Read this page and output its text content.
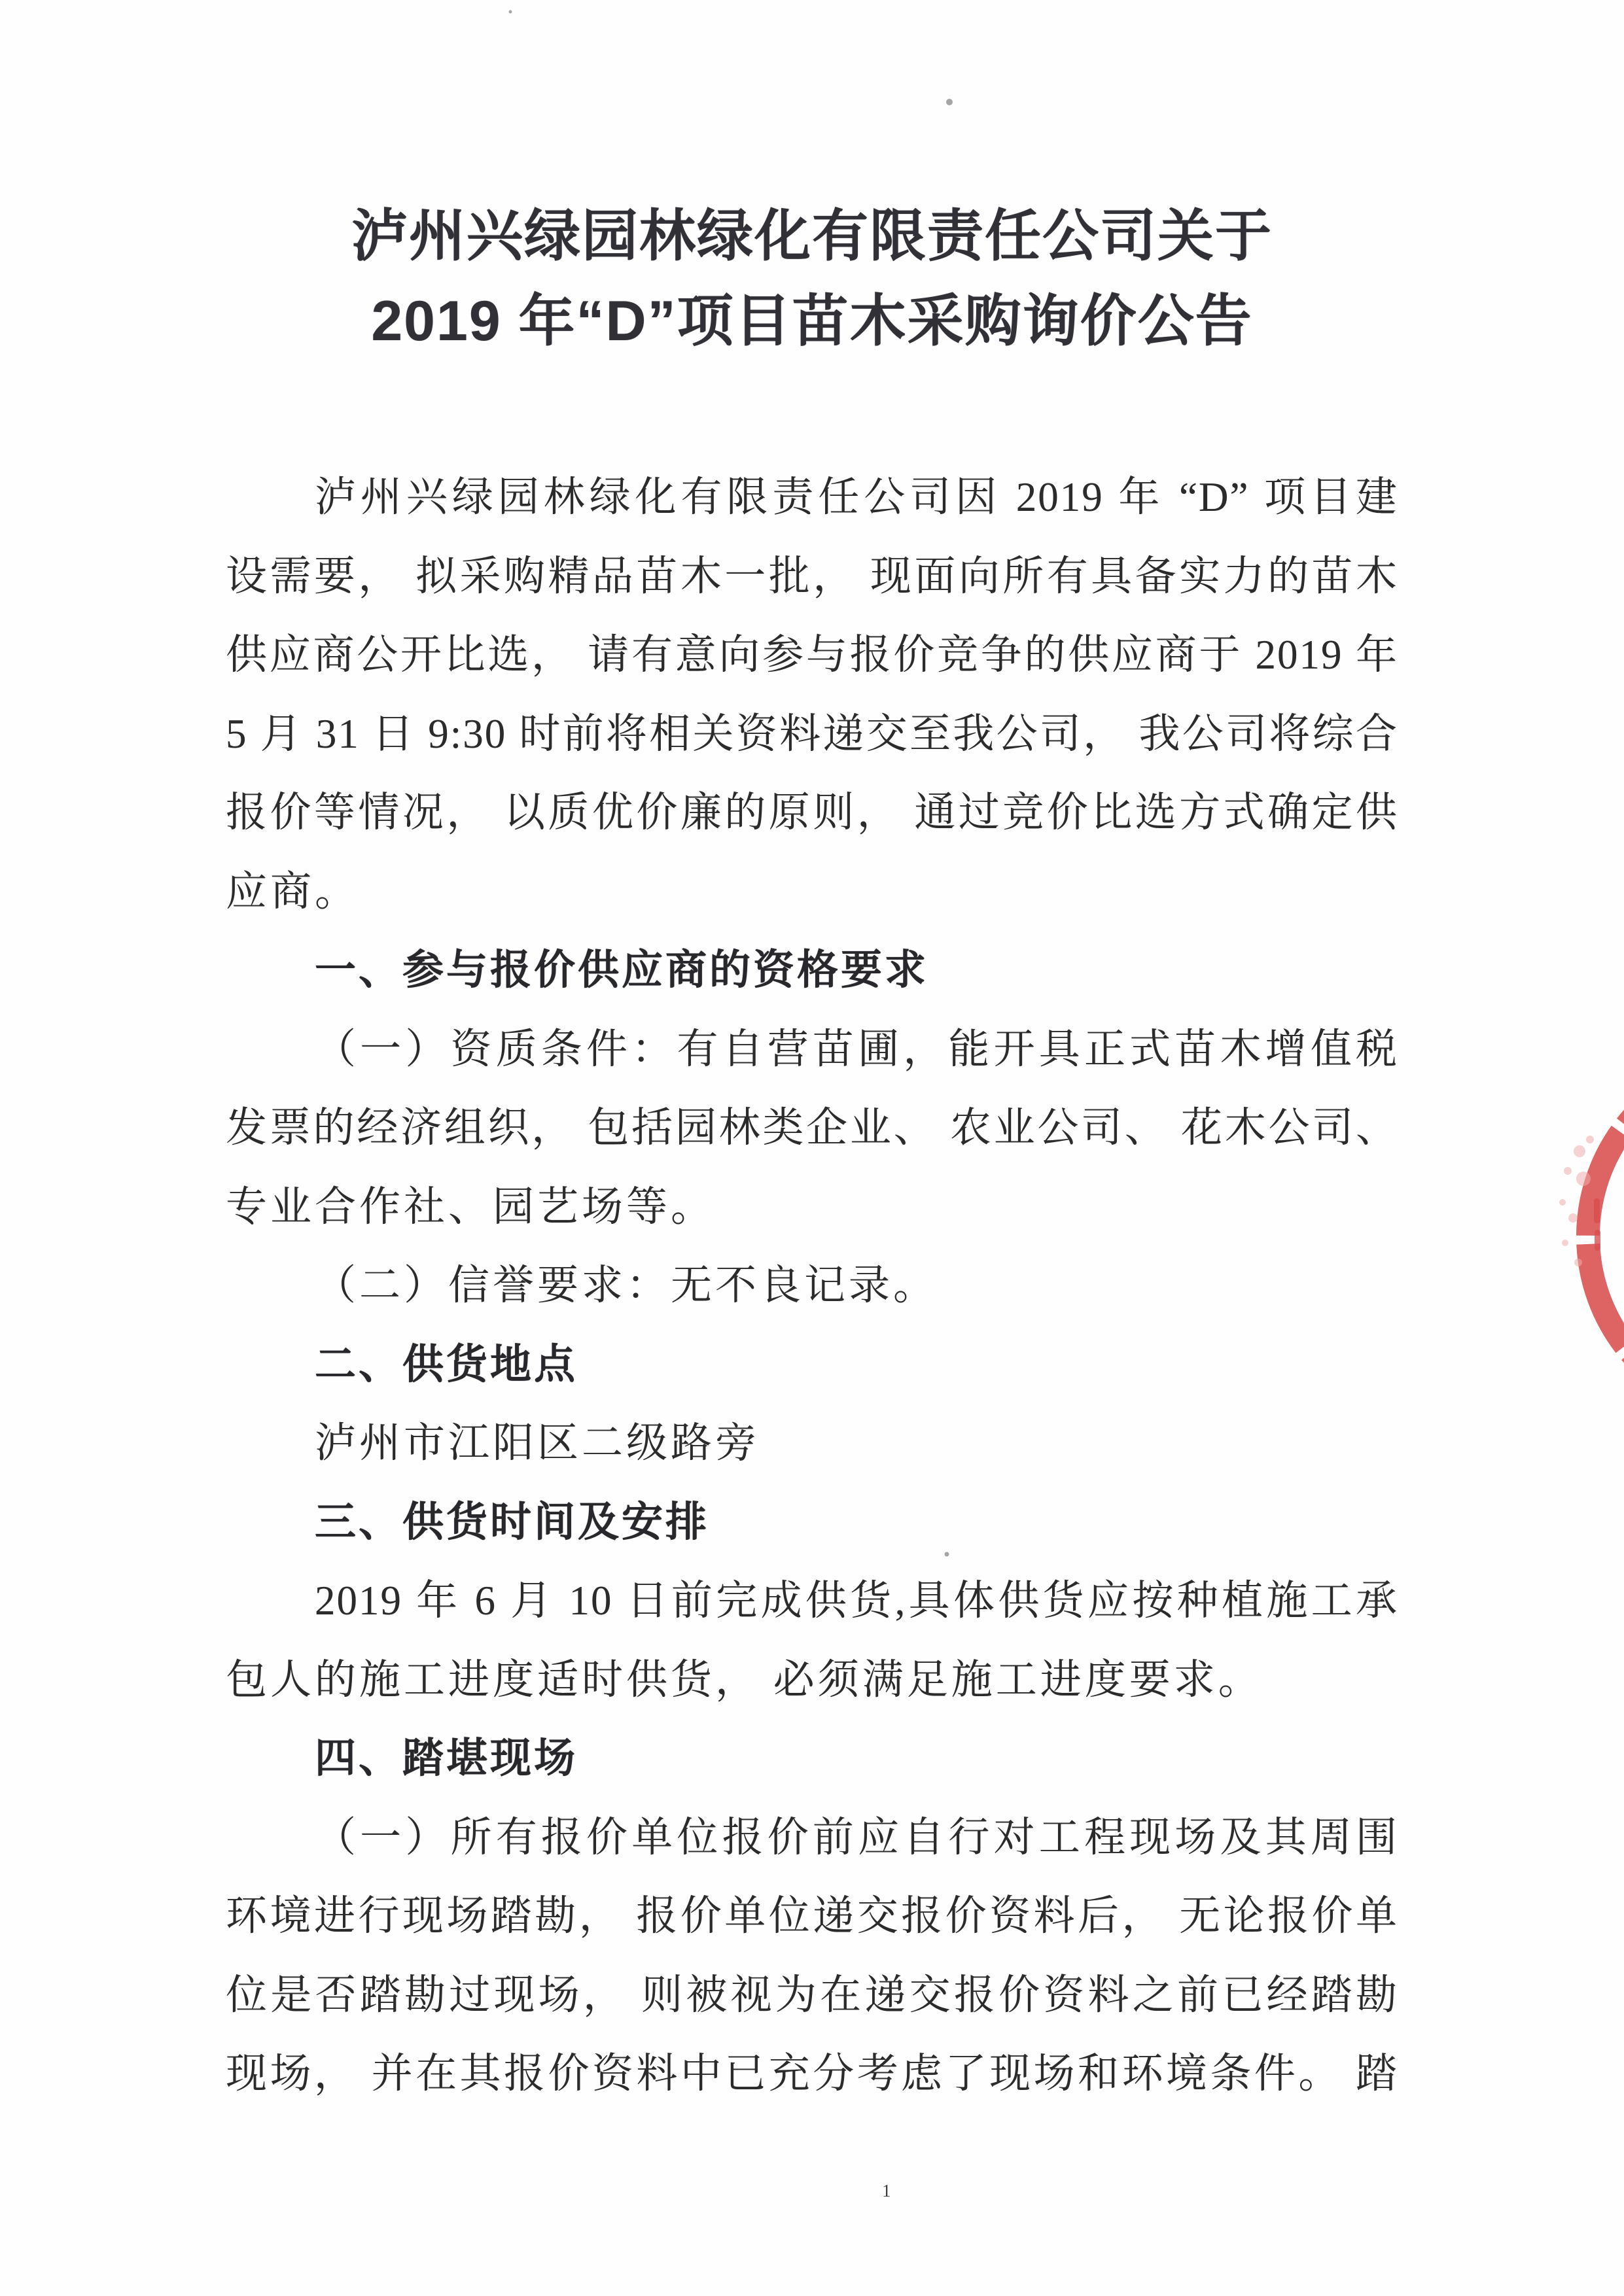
泸州兴绿园林绿化有限责任公司关于
2019 年“D”项目苗木采购询价公告
泸州兴绿园林绿化有限责任公司因 2019 年 “D” 项目建
设需要， 拟采购精品苗木一批， 现面向所有具备实力的苗木
供应商公开比选， 请有意向参与报价竞争的供应商于 2019 年
5 月 31 日 9:30 时前将相关资料递交至我公司， 我公司将综合
报价等情况， 以质优价廉的原则， 通过竞价比选方式确定供
应商。
一、参与报价供应商的资格要求
（一）资质条件：有自营苗圃，能开具正式苗木增值税
发票的经济组织， 包括园林类企业、 农业公司、 花木公司、
专业合作社、园艺场等。
（二）信誉要求：无不良记录。
二、供货地点
泸州市江阳区二级路旁
三、供货时间及安排
2019 年 6 月 10 日前完成供货,具体供货应按种植施工承
包人的施工进度适时供货， 必须满足施工进度要求。
四、踏堪现场
（一）所有报价单位报价前应自行对工程现场及其周围
环境进行现场踏勘， 报价单位递交报价资料后， 无论报价单
位是否踏勘过现场， 则被视为在递交报价资料之前已经踏勘
现场， 并在其报价资料中已充分考虑了现场和环境条件。 踏
1
